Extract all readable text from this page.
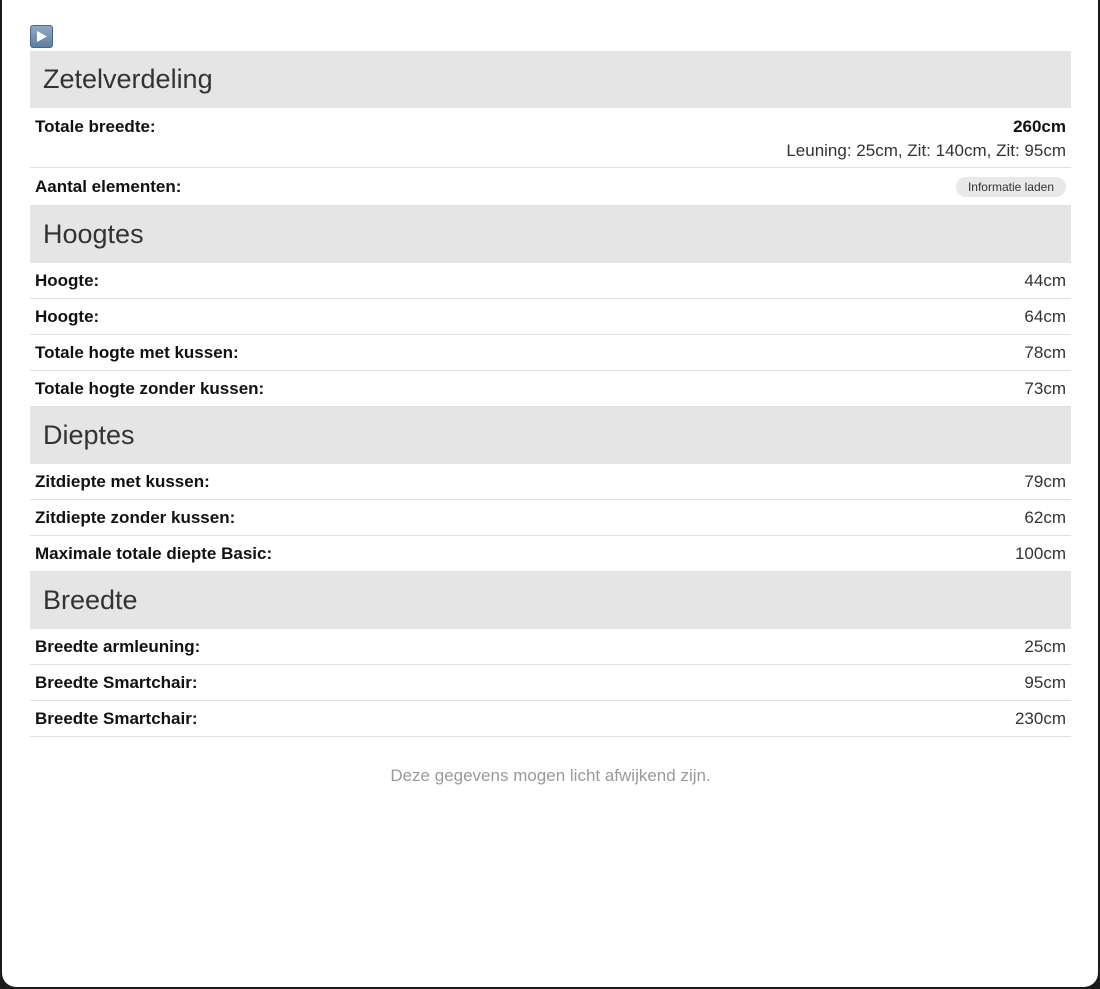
Zetelverdeling
Totale breedte:	260cm
Leuning: 25cm, Zit: 140cm, Zit: 95cm
Aantal elementen:	Informatie laden
Hoogtes
Hoogte:	44cm
Hoogte:	64cm
Totale hogte met kussen:	78cm
Totale hogte zonder kussen:	73cm
Dieptes
Zitdiepte met kussen:	79cm
Zitdiepte zonder kussen:	62cm
Maximale totale diepte Basic:	100cm
Breedte
Breedte armleuning:	25cm
Breedte Smartchair:	95cm
Breedte Smartchair:	230cm
Deze gegevens mogen licht afwijkend zijn.
